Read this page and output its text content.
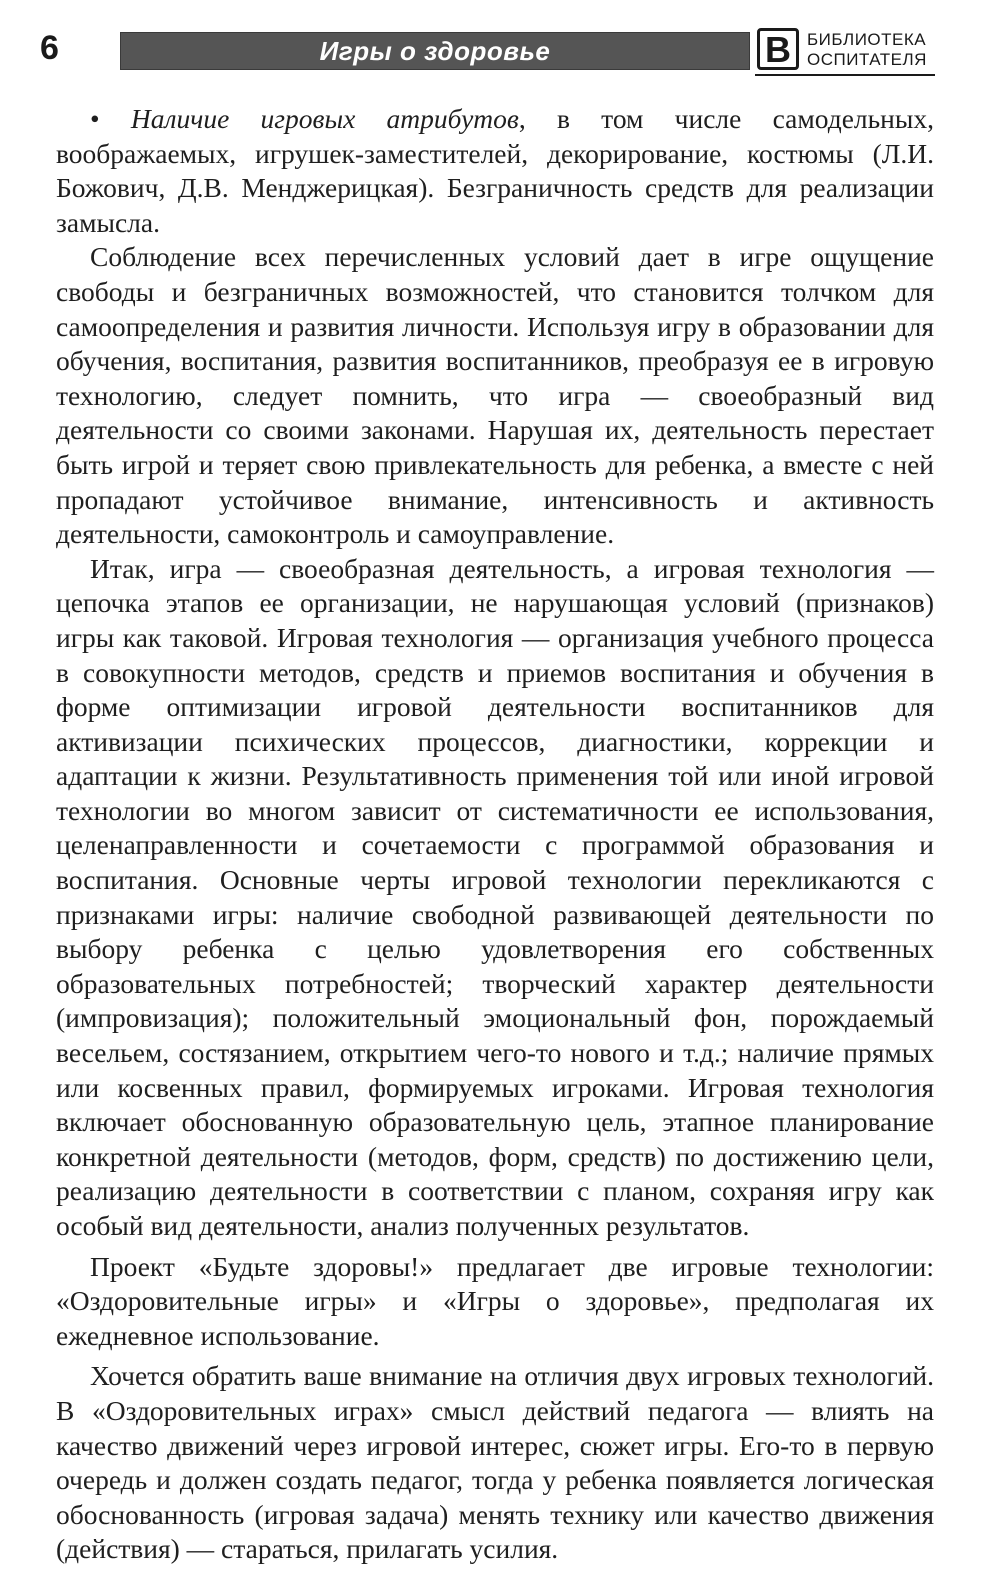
6	Игры о здоровье	В БИБЛИОТЕКА
ОСПИТАТЕЛЯ

• Наличие игровых атрибутов, в том числе самодельных, воображаемых, игрушек-заместителей, декорирование, костюмы (Л.И. Божович, Д.В. Менджерицкая). Безграничность средств для реализации замысла.

Соблюдение всех перечисленных условий дает в игре ощущение свободы и безграничных возможностей, что становится толчком для самоопределения и развития личности. Используя игру в образовании для обучения, воспитания, развития воспитанников, преобразуя ее в игровую технологию, следует помнить, что игра — своеобразный вид деятельности со своими законами. Нарушая их, деятельность перестает быть игрой и теряет свою привлекательность для ребенка, а вместе с ней пропадают устойчивое внимание, интенсивность и активность деятельности, самоконтроль и самоуправление.

Итак, игра — своеобразная деятельность, а игровая технология — цепочка этапов ее организации, не нарушающая условий (признаков) игры как таковой. Игровая технология — организация учебного процесса в совокупности методов, средств и приемов воспитания и обучения в форме оптимизации игровой деятельности воспитанников для активизации психических процессов, диагностики, коррекции и адаптации к жизни. Результативность применения той или иной игровой технологии во многом зависит от систематичности ее использования, целенаправленности и сочетаемости с программой образования и воспитания. Основные черты игровой технологии перекликаются с признаками игры: наличие свободной развивающей деятельности по выбору ребенка с целью удовлетворения его собственных образовательных потребностей; творческий характер деятельности (импровизация); положительный эмоциональный фон, порождаемый весельем, состязанием, открытием чего-то нового и т.д.; наличие прямых или косвенных правил, формируемых игроками. Игровая технология включает обоснованную образовательную цель, этапное планирование конкретной деятельности (методов, форм, средств) по достижению цели, реализацию деятельности в соответствии с планом, сохраняя игру как особый вид деятельности, анализ полученных результатов.

Проект «Будьте здоровы!» предлагает две игровые технологии: «Оздоровительные игры» и «Игры о здоровье», предполагая их ежедневное использование.

Хочется обратить ваше внимание на отличия двух игровых технологий. В «Оздоровительных играх» смысл действий педагога — влиять на качество движений через игровой интерес, сюжет игры. Его-то в первую очередь и должен создать педагог, тогда у ребенка появляется логическая обоснованность (игровая задача) менять технику или качество движения (действия) — стараться, прилагать усилия.
